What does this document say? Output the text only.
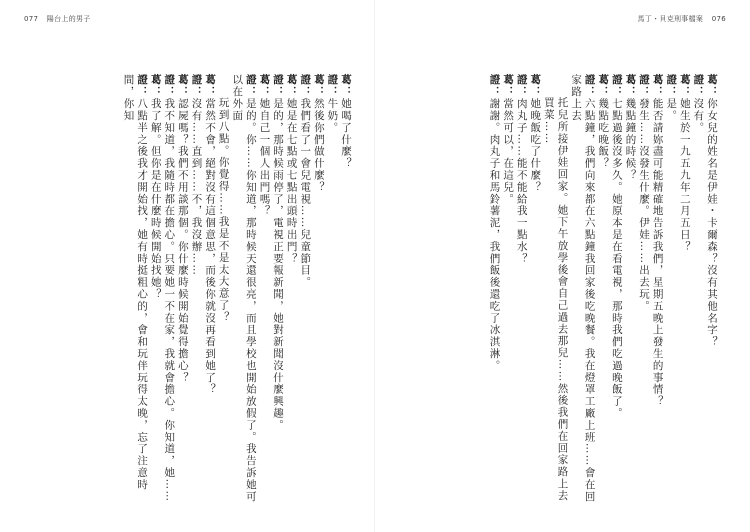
077 陽台上的男子
葛：她喝了什麼？
證：牛奶。
葛：然後你們做什麼？
證：我們看了一會兒電視……兒童節目。
葛：她是在七點或七點出頭時出門？
證：是的，那時候雨停了，電視正要報新聞，她對新聞沒什麼興趣。
葛：她自己一個人出門嗎？
證：是的。你……你知道，那時候天還很亮，而且學校也開始放假了。我告訴她可以在外面
玩到八點。你覺得……我是不是太大意了？
葛：當然不會，絕對沒有這個意思，而後你就沒再看到她了？
證：沒有……直到……不，我沒辦……
葛：認屍嗎？我們不用談那個。你什麼時候開始覺得擔心？
證：我不知道，我隨時都在擔心。只要她一不在家，我就會擔心。你知道，她……
葛：我了解。但你是在什麼時候開始找她？
證：八點半之後我才開始找，她有時挺粗心的，會和玩伴玩得太晚，忘了注意時間，你知
馬丁・貝克刑事檔案 076
葛：你女兒的姓名是伊娃・卡爾森？沒有其他名字？
證：沒有。
葛：她生於一九五九年二月五日？
證：是。
葛：能否請妳盡可能精確地告訴我們，星期五晚上發生的事情？
證：發生……沒發生什麼。伊娃……出去玩。
葛：幾點鐘的時候？
證：七點過後沒多久。她原本是在看電視，那時我們吃過晚飯了。
葛：幾點吃晚飯？
證：六點鐘，我們向來都在六點鐘我回家後吃晚餐。我在燈罩工廠上班……會在回家路上去
托兒所接伊娃回家。她下午放學後會自己過去那兒……然後我們在回家路上去買菜……
葛：她晚飯吃了什麼？
證：肉丸子……能不能給我一點水？
葛：當然可以，在這兒。
證：謝謝。肉丸子和馬鈴薯泥，我們飯後還吃了冰淇淋。
